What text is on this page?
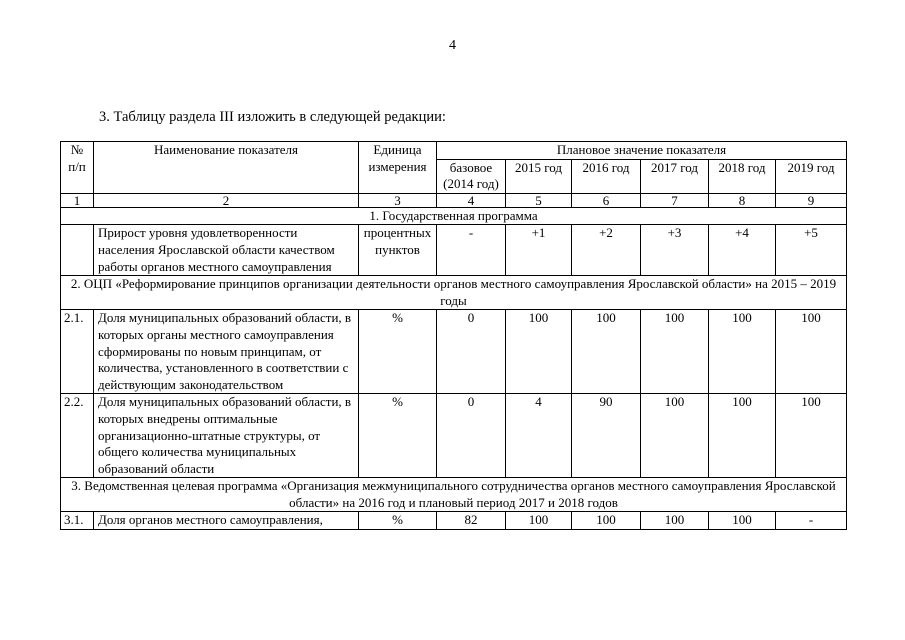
4
3. Таблицу раздела III изложить в следующей редакции:
№ п/п	Наименование показателя	Единица измерения	Плановое значение показателя					
			базовое (2014 год)	2015 год	2016 год	2017 год	2018 год	2019 год
1	2	3	4	5	6	7	8	9
1. Государственная программа								
	Прирост уровня удовлетворенности населения Ярославской области качеством работы органов местного самоуправления	процентных пунктов	-	+1	+2	+3	+4	+5
2. ОЦП «Реформирование принципов организации деятельности органов местного самоуправления Ярославской области» на 2015 – 2019 годы								
2.1.	Доля муниципальных образований области, в которых органы местного самоуправления сформированы по новым принципам, от количества, установленного в соответствии с действующим законодательством	%	0	100	100	100	100	100
2.2.	Доля муниципальных образований области, в которых внедрены оптимальные организационно-штатные структуры, от общего количества муниципальных образований области	%	0	4	90	100	100	100
3. Ведомственная целевая программа «Организация межмуниципального сотрудничества органов местного самоуправления Ярославской области» на 2016 год и плановый период 2017 и 2018 годов								
3.1.	Доля органов местного самоуправления,	%	82	100	100	100	100	-
